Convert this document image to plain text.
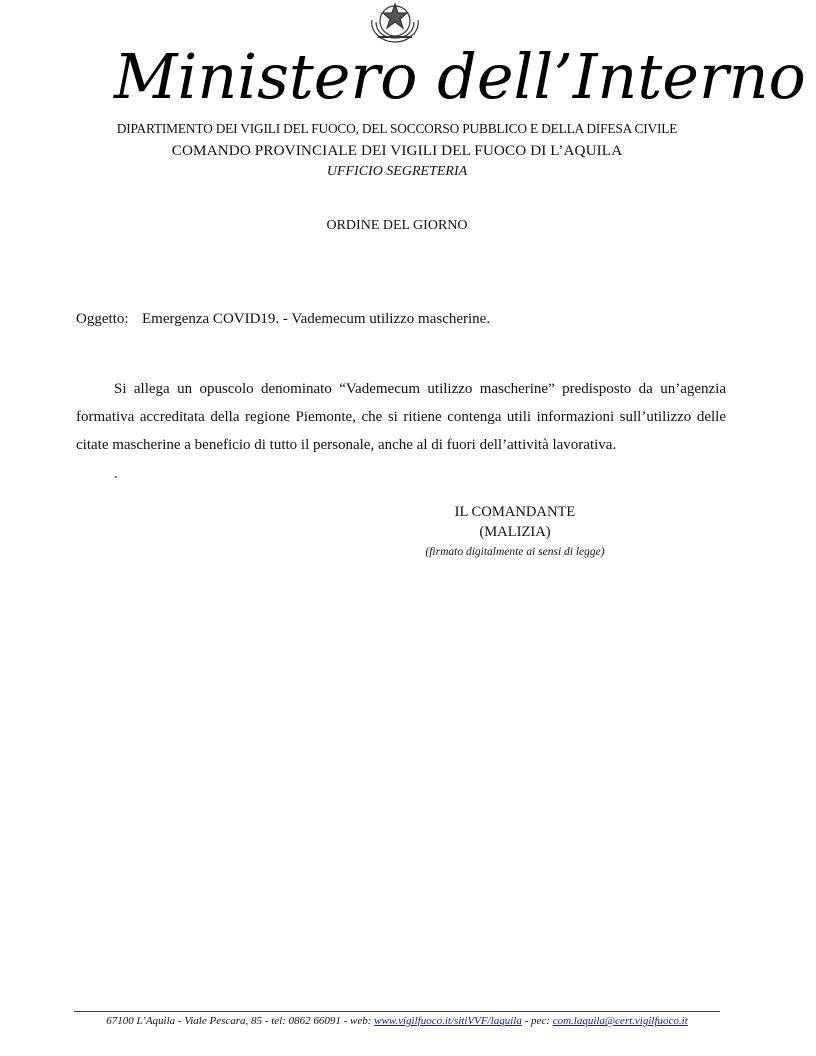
Ministero dell’Interno
DIPARTIMENTO DEI VIGILI DEL FUOCO, DEL SOCCORSO PUBBLICO E DELLA DIFESA CIVILE
COMANDO PROVINCIALE DEI VIGILI DEL FUOCO DI L’AQUILA
UFFICIO SEGRETERIA
ORDINE DEL GIORNO
Oggetto: Emergenza COVID19. - Vademecum utilizzo mascherine.
Si allega un opuscolo denominato “Vademecum utilizzo mascherine” predisposto da un’agenzia formativa accreditata della regione Piemonte, che si ritiene contenga utili informazioni sull’utilizzo delle citate mascherine a beneficio di tutto il personale, anche al di fuori dell’attività lavorativa.
.
IL COMANDANTE
(MALIZIA)
(firmato digitalmente ai sensi di legge)
67100 L’Aquila - Viale Pescara, 85 - tel: 0862 66091 - web: www.vigilfuoco.it/sitiVVF/laquila - pec: com.laquila@cert.vigilfuoco.it
